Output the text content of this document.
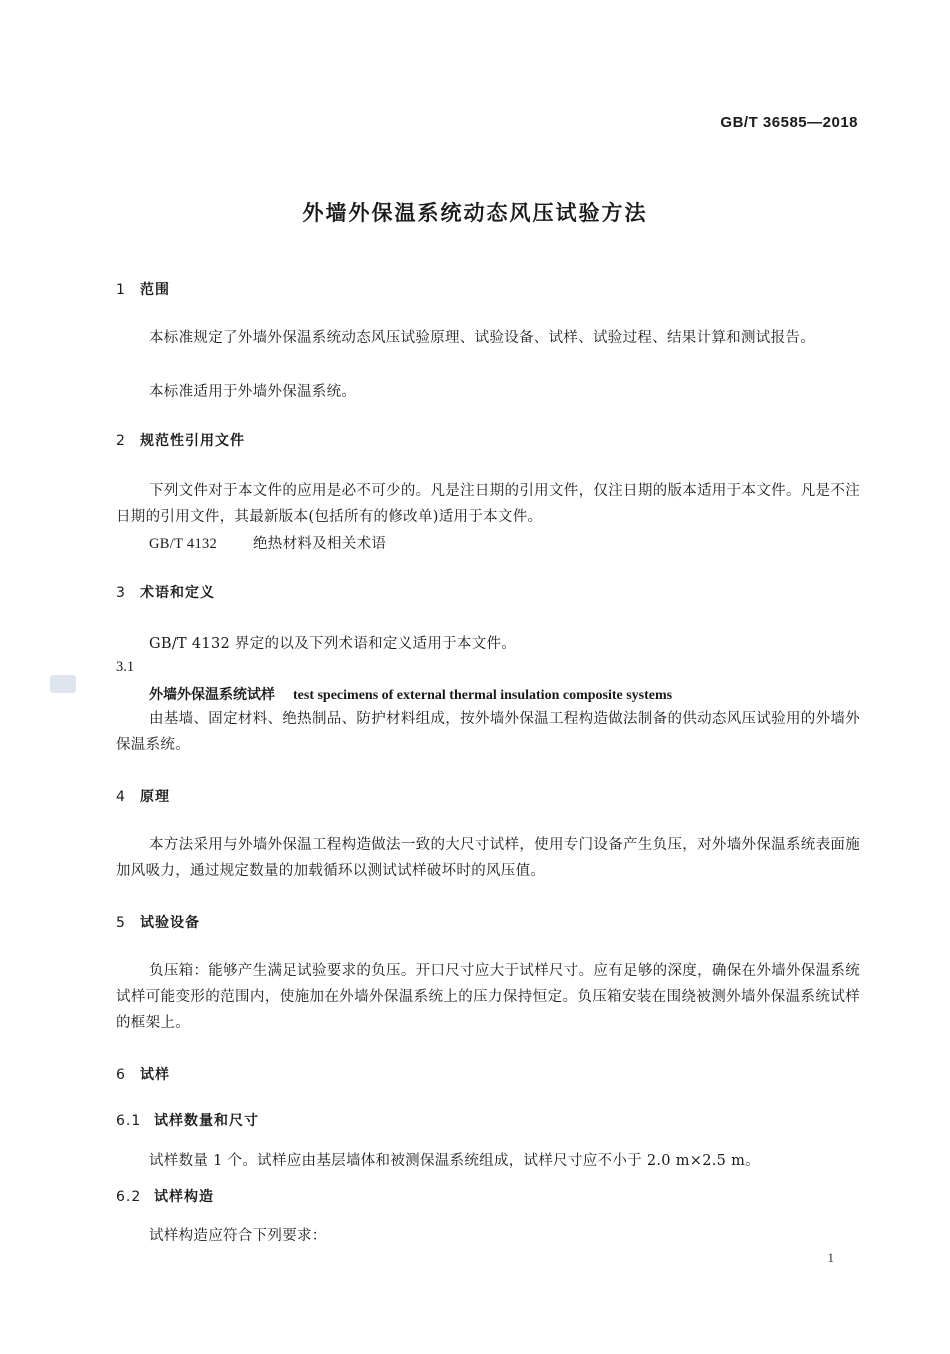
GB/T 36585—2018
外墙外保温系统动态风压试验方法
1 范围
本标准规定了外墙外保温系统动态风压试验原理、试验设备、试样、试验过程、结果计算和测试报告。
本标准适用于外墙外保温系统。
2 规范性引用文件
下列文件对于本文件的应用是必不可少的。凡是注日期的引用文件，仅注日期的版本适用于本文件。凡是不注日期的引用文件，其最新版本(包括所有的修改单)适用于本文件。
GB/T 4132 绝热材料及相关术语
3 术语和定义
GB/T 4132 界定的以及下列术语和定义适用于本文件。
3.1
外墙外保温系统试样 test specimens of external thermal insulation composite systems
由基墙、固定材料、绝热制品、防护材料组成，按外墙外保温工程构造做法制备的供动态风压试验用的外墙外保温系统。
4 原理
本方法采用与外墙外保温工程构造做法一致的大尺寸试样，使用专门设备产生负压，对外墙外保温系统表面施加风吸力，通过规定数量的加载循环以测试试样破坏时的风压值。
5 试验设备
负压箱：能够产生满足试验要求的负压。开口尺寸应大于试样尺寸。应有足够的深度，确保在外墙外保温系统试样可能变形的范围内，使施加在外墙外保温系统上的压力保持恒定。负压箱安装在围绕被测外墙外保温系统试样的框架上。
6 试样
6.1 试样数量和尺寸
试样数量 1 个。试样应由基层墙体和被测保温系统组成，试样尺寸应不小于 2.0 m×2.5 m。
6.2 试样构造
试样构造应符合下列要求：
1
